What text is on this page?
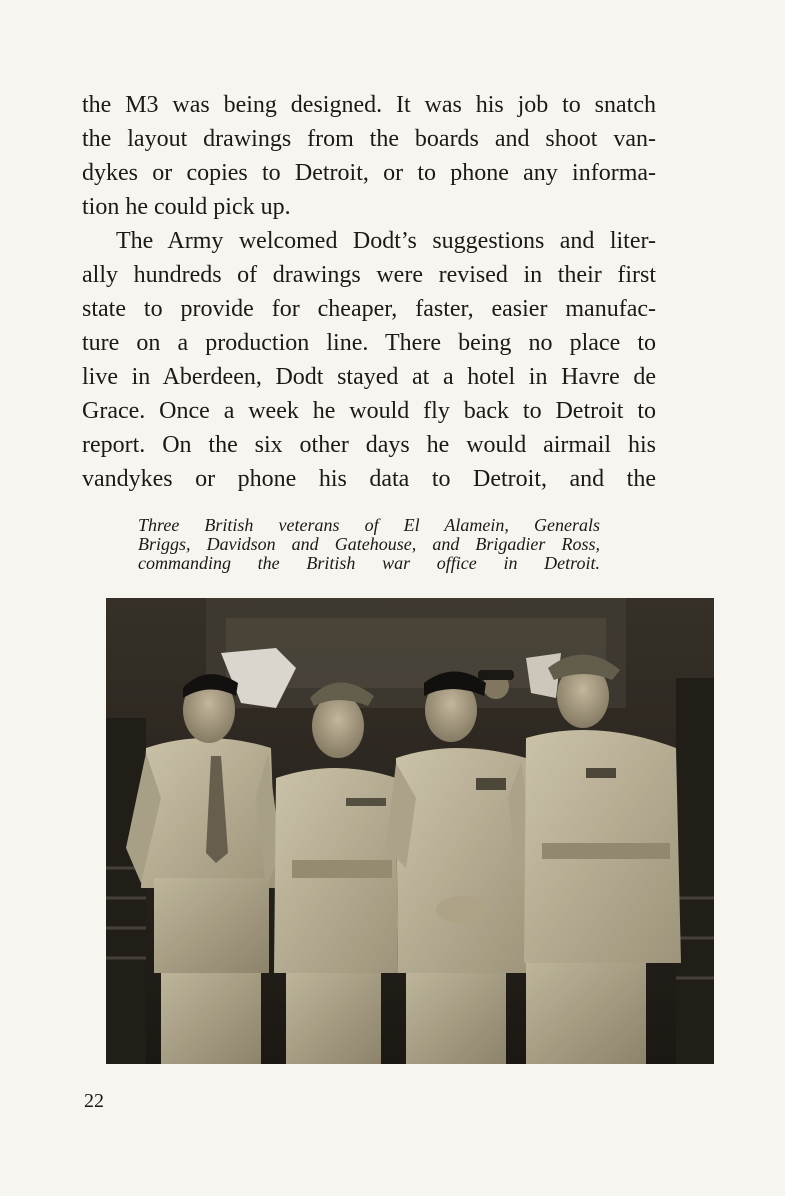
the M3 was being designed. It was his job to snatch
the layout drawings from the boards and shoot van-
dykes or copies to Detroit, or to phone any informa-
tion he could pick up.

The Army welcomed Dodt’s suggestions and liter-
ally hundreds of drawings were revised in their first
state to provide for cheaper, faster, easier manufac-
ture on a production line. There being no place to
live in Aberdeen, Dodt stayed at a hotel in Havre de
Grace. Once a week he would fly back to Detroit to
report. On the six other days he would airmail his
vandykes or phone his data to Detroit, and the

Three British veterans of El Alamein, Generals
Briggs, Davidson and Gatehouse, and Brigadier Ross,
commanding the British war office in Detroit.
22
